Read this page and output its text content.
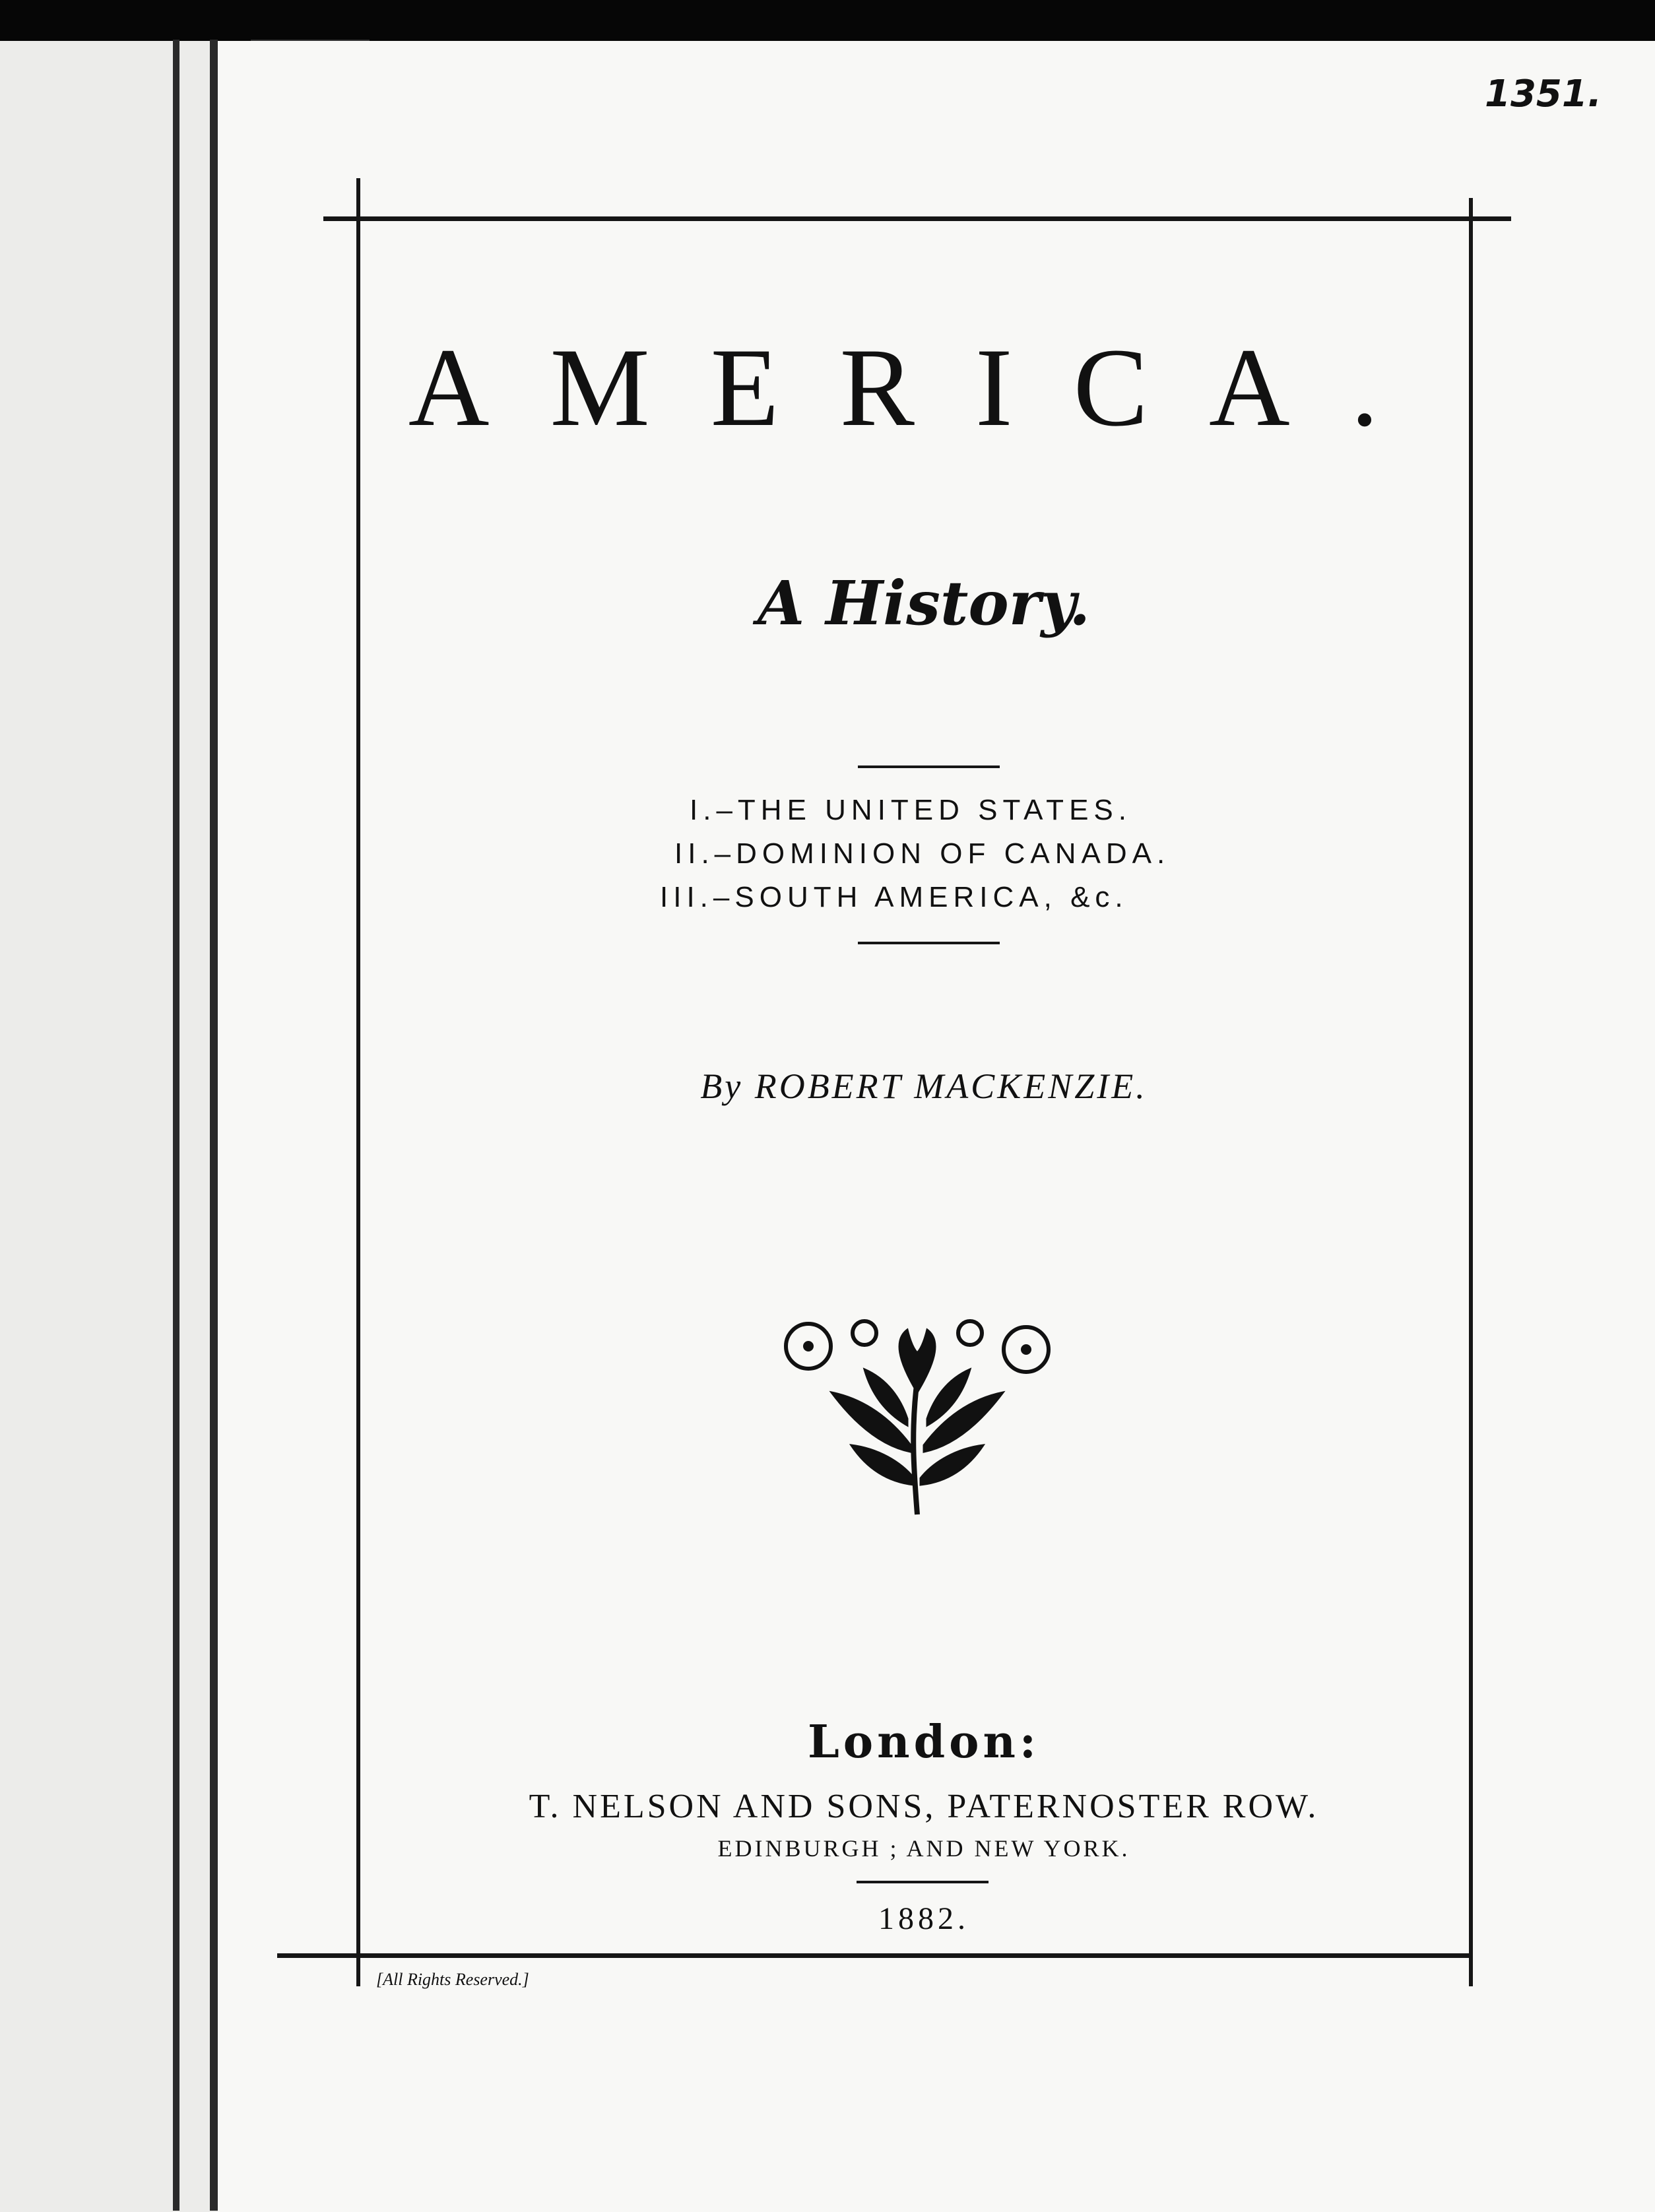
1351.
AMERICA.
A History.
I.–THE UNITED STATES.
II.–DOMINION OF CANADA.
III.–SOUTH AMERICA, &c.
By ROBERT MACKENZIE.
London:
T. NELSON AND SONS, PATERNOSTER ROW.
EDINBURGH ; AND NEW YORK.
1882.
[All Rights Reserved.]
